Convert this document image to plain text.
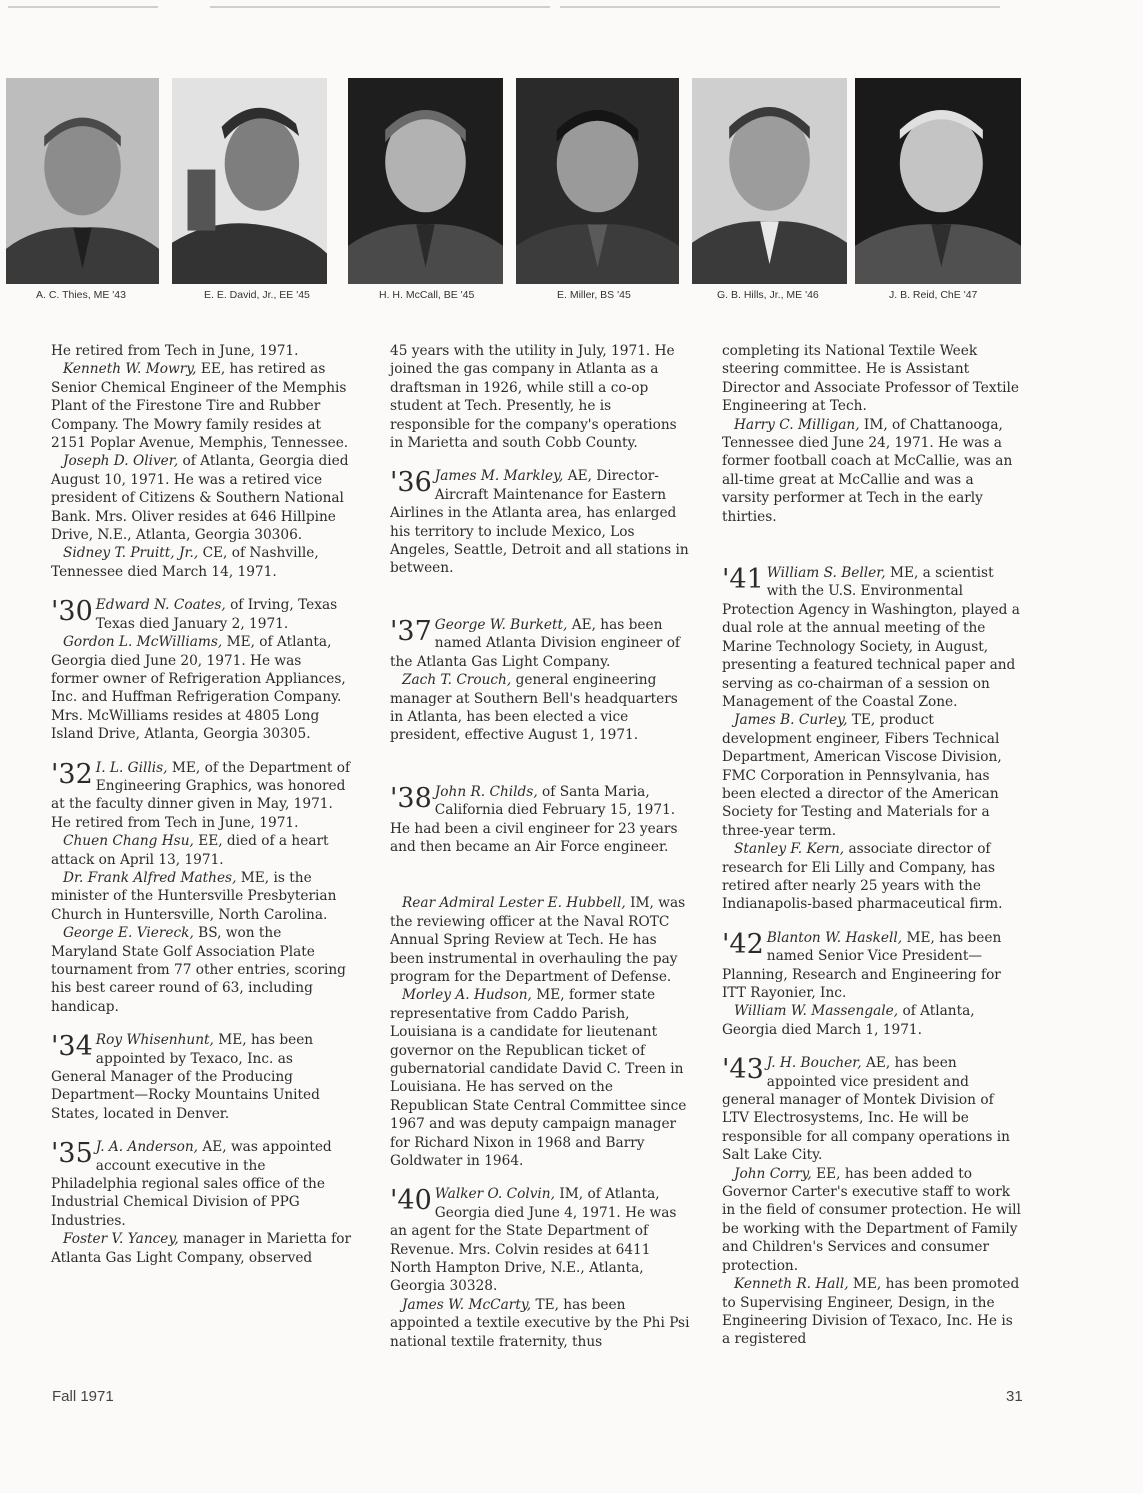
A. C. Thies, ME '43	E. E. David, Jr., EE '45	H. H. McCall, BE '45	E. Miller, BS '45	G. B. Hills, Jr., ME '46	J. B. Reid, ChE '47

He retired from Tech in June, 1971.

Kenneth W. Mowry, EE, has retired as Senior Chemical Engineer of the Memphis Plant of the Firestone Tire and Rubber Company. The Mowry family resides at 2151 Poplar Avenue, Memphis, Tennessee.

Joseph D. Oliver, of Atlanta, Georgia died August 10, 1971. He was a retired vice president of Citizens & Southern National Bank. Mrs. Oliver resides at 646 Hillpine Drive, N.E., Atlanta, Georgia 30306.

Sidney T. Pruitt, Jr., CE, of Nashville, Tennessee died March 14, 1971.

'30 Edward N. Coates, of Irving, Texas Texas died January 2, 1971.

Gordon L. McWilliams, ME, of Atlanta, Georgia died June 20, 1971. He was former owner of Refrigeration Appliances, Inc. and Huffman Refrigeration Company. Mrs. McWilliams resides at 4805 Long Island Drive, Atlanta, Georgia 30305.

'32 I. L. Gillis, ME, of the Department of Engineering Graphics, was honored at the faculty dinner given in May, 1971. He retired from Tech in June, 1971.

Chuen Chang Hsu, EE, died of a heart attack on April 13, 1971.

Dr. Frank Alfred Mathes, ME, is the minister of the Huntersville Presbyterian Church in Huntersville, North Carolina.

George E. Viereck, BS, won the Maryland State Golf Association Plate tournament from 77 other entries, scoring his best career round of 63, including handicap.

'34 Roy Whisenhunt, ME, has been appointed by Texaco, Inc. as General Manager of the Producing Department—Rocky Mountains United States, located in Denver.

'35 J. A. Anderson, AE, was appointed account executive in the Philadelphia regional sales office of the Industrial Chemical Division of PPG Industries.

Foster V. Yancey, manager in Marietta for Atlanta Gas Light Company, observed

45 years with the utility in July, 1971. He joined the gas company in Atlanta as a draftsman in 1926, while still a co-op student at Tech. Presently, he is responsible for the company's operations in Marietta and south Cobb County.

'36 James M. Markley, AE, Director-Aircraft Maintenance for Eastern Airlines in the Atlanta area, has enlarged his territory to include Mexico, Los Angeles, Seattle, Detroit and all stations in between.

'37 George W. Burkett, AE, has been named Atlanta Division engineer of the Atlanta Gas Light Company.

Zach T. Crouch, general engineering manager at Southern Bell's headquarters in Atlanta, has been elected a vice president, effective August 1, 1971.

'38 John R. Childs, of Santa Maria, California died February 15, 1971. He had been a civil engineer for 23 years and then became an Air Force engineer.

Rear Admiral Lester E. Hubbell, IM, was the reviewing officer at the Naval ROTC Annual Spring Review at Tech. He has been instrumental in overhauling the pay program for the Department of Defense.

Morley A. Hudson, ME, former state representative from Caddo Parish, Louisiana is a candidate for lieutenant governor on the Republican ticket of gubernatorial candidate David C. Treen in Louisiana. He has served on the Republican State Central Committee since 1967 and was deputy campaign manager for Richard Nixon in 1968 and Barry Goldwater in 1964.

'40 Walker O. Colvin, IM, of Atlanta, Georgia died June 4, 1971. He was an agent for the State Department of Revenue. Mrs. Colvin resides at 6411 North Hampton Drive, N.E., Atlanta, Georgia 30328.

James W. McCarty, TE, has been appointed a textile executive by the Phi Psi national textile fraternity, thus

completing its National Textile Week steering committee. He is Assistant Director and Associate Professor of Textile Engineering at Tech.

Harry C. Milligan, IM, of Chattanooga, Tennessee died June 24, 1971. He was a former football coach at McCallie, was an all-time great at McCallie and was a varsity performer at Tech in the early thirties.

'41 William S. Beller, ME, a scientist with the U.S. Environmental Protection Agency in Washington, played a dual role at the annual meeting of the Marine Technology Society, in August, presenting a featured technical paper and serving as co-chairman of a session on Management of the Coastal Zone.

James B. Curley, TE, product development engineer, Fibers Technical Department, American Viscose Division, FMC Corporation in Pennsylvania, has been elected a director of the American Society for Testing and Materials for a three-year term.

Stanley F. Kern, associate director of research for Eli Lilly and Company, has retired after nearly 25 years with the Indianapolis-based pharmaceutical firm.

'42 Blanton W. Haskell, ME, has been named Senior Vice President—Planning, Research and Engineering for ITT Rayonier, Inc.

William W. Massengale, of Atlanta, Georgia died March 1, 1971.

'43 J. H. Boucher, AE, has been appointed vice president and general manager of Montek Division of LTV Electrosystems, Inc. He will be responsible for all company operations in Salt Lake City.

John Corry, EE, has been added to Governor Carter's executive staff to work in the field of consumer protection. He will be working with the Department of Family and Children's Services and consumer protection.

Kenneth R. Hall, ME, has been promoted to Supervising Engineer, Design, in the Engineering Division of Texaco, Inc. He is a registered

Fall 1971	31
